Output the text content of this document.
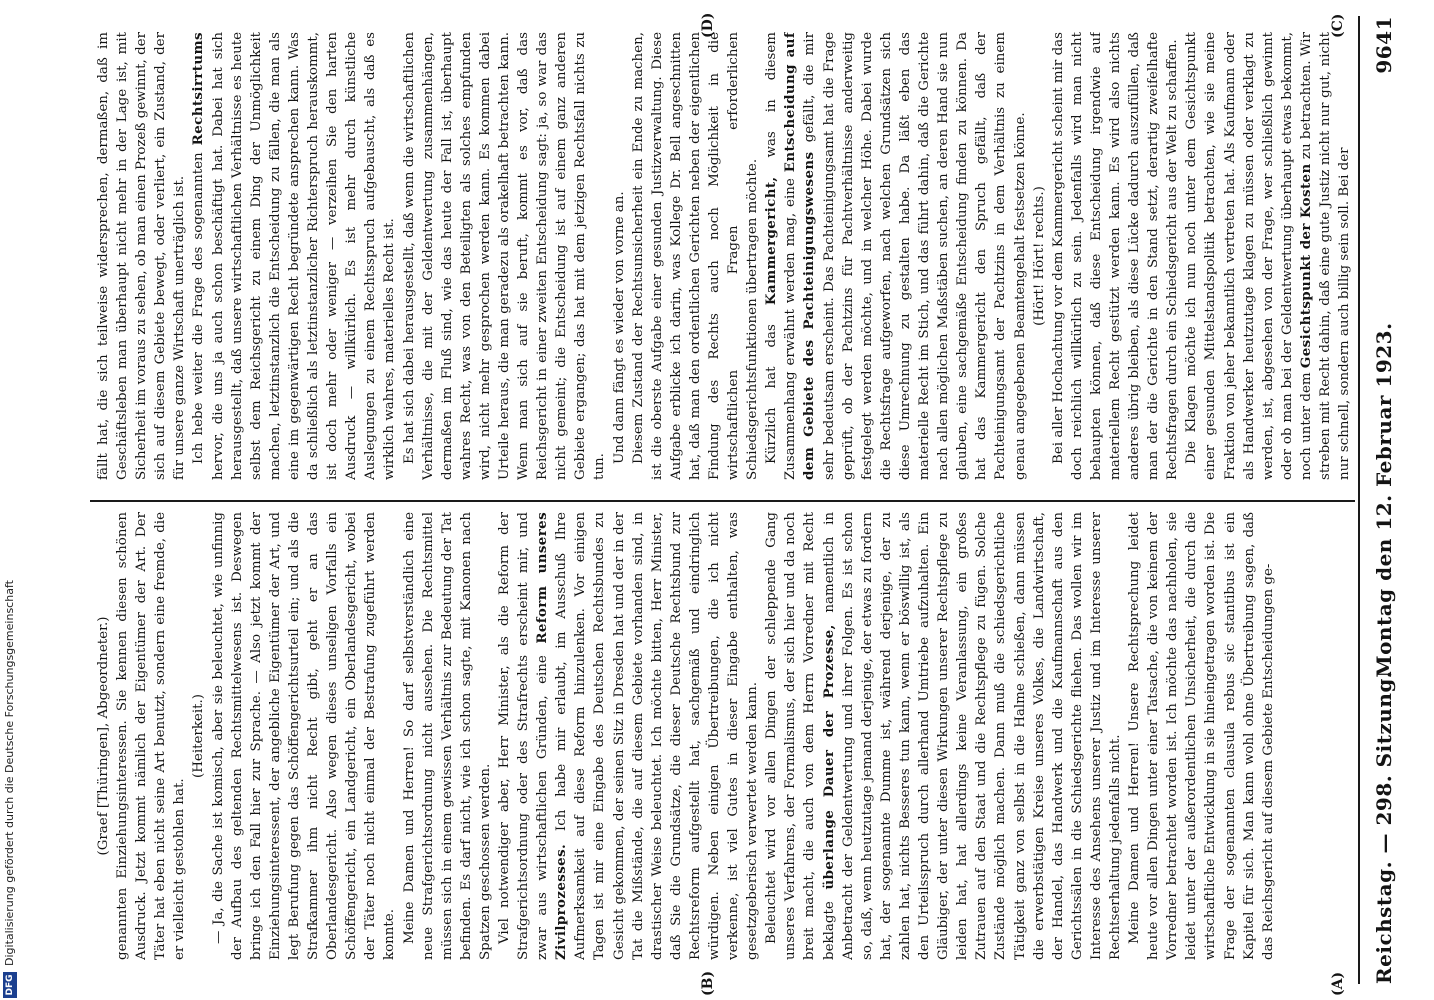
Reichstag. — 298. Sitzung.
Montag den 12. Februar 1923.
9641
(A)
(B)
(C)
(D)
DFG
Digitalisierung gefördert durch die Deutsche Forschungsgemeinschaft	(Graef [Thüringen], Abgeordneter.) genannten Einziehungsinteressen. Sie kennen diesen schönen Ausdruck. Jetzt kommt nämlich der Eigentümer der Art. Der Täter hat eben nicht seine Art benutzt, sondern eine fremde, die er vielleicht gestohlen hat.

(Heiterkeit.) — Ja, die Sache ist komisch, aber sie beleuchtet, wie unfinnig der Aufbau des geltenden Rechtsmittelwesens ist. Deswegen bringe ich den Fall hier zur Sprache. — Also jetzt kommt der Einziehungsinteressent, der angebliche Eigentümer der Art, und legt Berufung gegen das Schöffengerichtsurteil ein; und als die Strafkammer ihm nicht Recht gibt, geht er an das Oberlandesgericht. Also wegen dieses unseligen Vorfalls ein Schöffengericht, ein Landgericht, ein Oberlandesgericht, wobei der Täter noch nicht einmal der Bestrafung zugeführt werden konnte. Meine Damen und Herren! So darf selbstverständlich eine neue Strafgerichtsordnung nicht aussehen. Die Rechtsmittel müssen sich in einem gewissen Verhältnis zur Bedeutung der Tat befinden. Es darf nicht, wie ich schon sagte, mit Kanonen nach Spatzen geschossen werden. Viel notwendiger aber, Herr Minister, als die Reform der Strafgerichtsordnung oder des Strafrechts erscheint mir, und zwar aus wirtschaftlichen Gründen, eine Reform unseres Zivilprozesses. Ich habe mir erlaubt, im Ausschuß Ihre Aufmerksamkeit auf diese Reform hinzulenken. Vor einigen Tagen ist mir eine Eingabe des Deutschen Rechtsbundes zu Gesicht gekommen, der seinen Sitz in Dresden hat und der in der Tat die Mißstände, die auf diesem Gebiete vorhanden sind, in drastischer Weise beleuchtet. Ich möchte bitten, Herr Minister, daß Sie die Grundsätze, die dieser Deutsche Rechtsbund zur Rechtsreform aufgestellt hat, sachgemäß und eindringlich würdigen. Neben einigen Übertreibungen, die ich nicht verkenne, ist viel Gutes in dieser Eingabe enthalten, was gesetzgeberisch verwertet werden kann. Beleuchtet wird vor allen Dingen der schleppende Gang unseres Verfahrens, der Formalismus, der sich hier und da noch breit macht, die auch von dem Herrn Vorredner mit Recht beklagte überlange Dauer der Prozesse, namentlich in Anbetracht der Geldentwertung und ihrer Folgen. Es ist schon so, daß, wenn heutzutage jemand derjenige, der etwas zu fordern hat, der sogenannte Dumme ist, während derjenige, der zu zahlen hat, nichts Besseres tun kann, wenn er böswillig ist, als den Urteilsspruch durch allerhand Umtriebe aufzuhalten. Ein Gläubiger, der unter diesen Wirkungen unserer Rechtspflege zu leiden hat, hat allerdings keine Veranlassung, ein großes Zutrauen auf den Staat und die Rechtspflege zu fügen. Solche Zustände möglich machen. Dann muß die schiedsgerichtliche Tätigkeit ganz von selbst in die Halme schießen, dann müssen die erwerbstätigen Kreise unseres Volkes, die Landwirtschaft, der Handel, das Handwerk und die Kaufmannschaft aus den Gerichtssälen in die Schiedsgerichte fliehen. Das wollen wir im Interesse des Ansehens unserer Justiz und im Interesse unserer Rechtserhaltung jedenfalls nicht. Meine Damen und Herren! Unsere Rechtsprechung leidet heute vor allen Dingen unter einer Tatsache, die von keinem der Vorredner betrachtet worden ist. Ich möchte das nachholen, sie leidet unter der außerordentlichen Unsicherheit, die durch die wirtschaftliche Entwicklung in sie hineingetragen worden ist. Die Frage der sogenannten clausula rebus sic stantibus ist ein Kapitel für sich. Man kann wohl ohne Übertreibung sagen, daß das Reichsgericht auf diesem Gebiete Entscheidungen ge-

fällt hat, die sich teilweise widersprechen, dermaßen, daß im Geschäftsleben man überhaupt nicht mehr in der Lage ist, mit Sicherheit im voraus zu sehen, ob man einen Prozeß gewinnt, der sich auf diesem Gebiete bewegt, oder verliert, ein Zustand, der für unsere ganze Wirtschaft unerträglich ist. Ich hebe weiter die Frage des sogenannten Rechtsirrtums hervor, die uns ja auch schon beschäftigt hat. Dabei hat sich herausgestellt, daß unsere wirtschaftlichen Verhältnisse es heute selbst dem Reichsgericht zu einem Ding der Unmöglichkeit machen, letztinstanzlich die Entscheidung zu fällen, die man als eine im gegenwärtigen Recht begründete ansprechen kann. Was da schließlich als letztinstanzlicher Richterspruch herauskommt, ist doch mehr oder weniger — verzeihen Sie den harten Ausdruck — willkürlich. Es ist mehr durch künstliche Auslegungen zu einem Rechtsspruch aufgebauscht, als daß es wirklich wahres, materielles Recht ist. Es hat sich dabei herausgestellt, daß wenn die wirtschaftlichen Verhältnisse, die mit der Geldentwertung zusammenhängen, dermaßen im Fluß sind, wie das heute der Fall ist, überhaupt wahres Recht, was von den Beteiligten als solches empfunden wird, nicht mehr gesprochen werden kann. Es kommen dabei Urteile heraus, die man geradezu als orakelhaft betrachten kann. Wenn man sich auf sie beruft, kommt es vor, daß das Reichsgericht in einer zweiten Entscheidung sagt: ja, so war das nicht gemeint; die Entscheidung ist auf einem ganz anderen Gebiete ergangen; das hat mit dem jetzigen Rechtsfall nichts zu tun.

Und dann fängt es wieder von vorne an. Diesem Zustand der Rechtsunsicherheit ein Ende zu machen, ist die oberste Aufgabe einer gesunden Justizverwaltung. Diese Aufgabe erblicke ich darin, was Kollege Dr. Bell angeschnitten hat, daß man den ordentlichen Gerichten neben der eigentlichen Findung des Rechts auch noch Möglichkeit in die wirtschaftlichen Fragen erforderlichen Schiedsgerichtsfunktionen übertragen möchte. Kürzlich hat das Kammergericht, was in diesem Zusammenhang erwähnt werden mag, eine Entscheidung auf dem Gebiete des Pachteinigungswesens gefällt, die mir sehr bedeutsam erscheint. Das Pachteinigungsamt hat die Frage geprüft, ob der Pachtzins für Pachtverhältnisse anderweitig festgelegt werden möchte, und in welcher Höhe. Dabei wurde die Rechtsfrage aufgeworfen, nach welchen Grundsätzen sich diese Umrechnung zu gestalten habe. Da läßt eben das materielle Recht im Stich, und das führt dahin, daß die Gerichte nach allen möglichen Maßstäben suchen, an deren Hand sie nun glauben, eine sachgemäße Entscheidung finden zu können. Da hat das Kammergericht den Spruch gefällt, daß der Pachteinigungsamt der Pachtzins in dem Verhältnis zu einem genau angegebenen Beamtengehalt festsetzen könne. (Hört! Hört! rechts.) Bei aller Hochachtung vor dem Kammergericht scheint mir das doch reichlich willkürlich zu sein. Jedenfalls wird man nicht behaupten können, daß diese Entscheidung irgendwie auf materiellem Recht gestützt werden kann. Es wird also nichts anderes übrig bleiben, als diese Lücke dadurch auszufüllen, daß man der die Gerichte in den Stand setzt, derartig zweifelhafte Rechtsfragen durch ein Schiedsgericht aus der Welt zu schaffen. Die Klagen möchte ich nun noch unter dem Gesichtspunkt einer gesunden Mittelstandspolitik betrachten, wie sie meine Fraktion von jeher bekanntlich vertreten hat. Als Kaufmann oder als Handwerker heutzutage klagen zu müssen oder verklagt zu werden, ist, abgesehen von der Frage, wer schließlich gewinnt oder ob man bei der Geldentwertung überhaupt etwas bekommt, noch unter dem Gesichtspunkt der Kosten zu betrachten. Wir streben mit Recht dahin, daß eine gute Justiz nicht nur gut, nicht nur schnell, sondern auch billig sein soll. Bei der
